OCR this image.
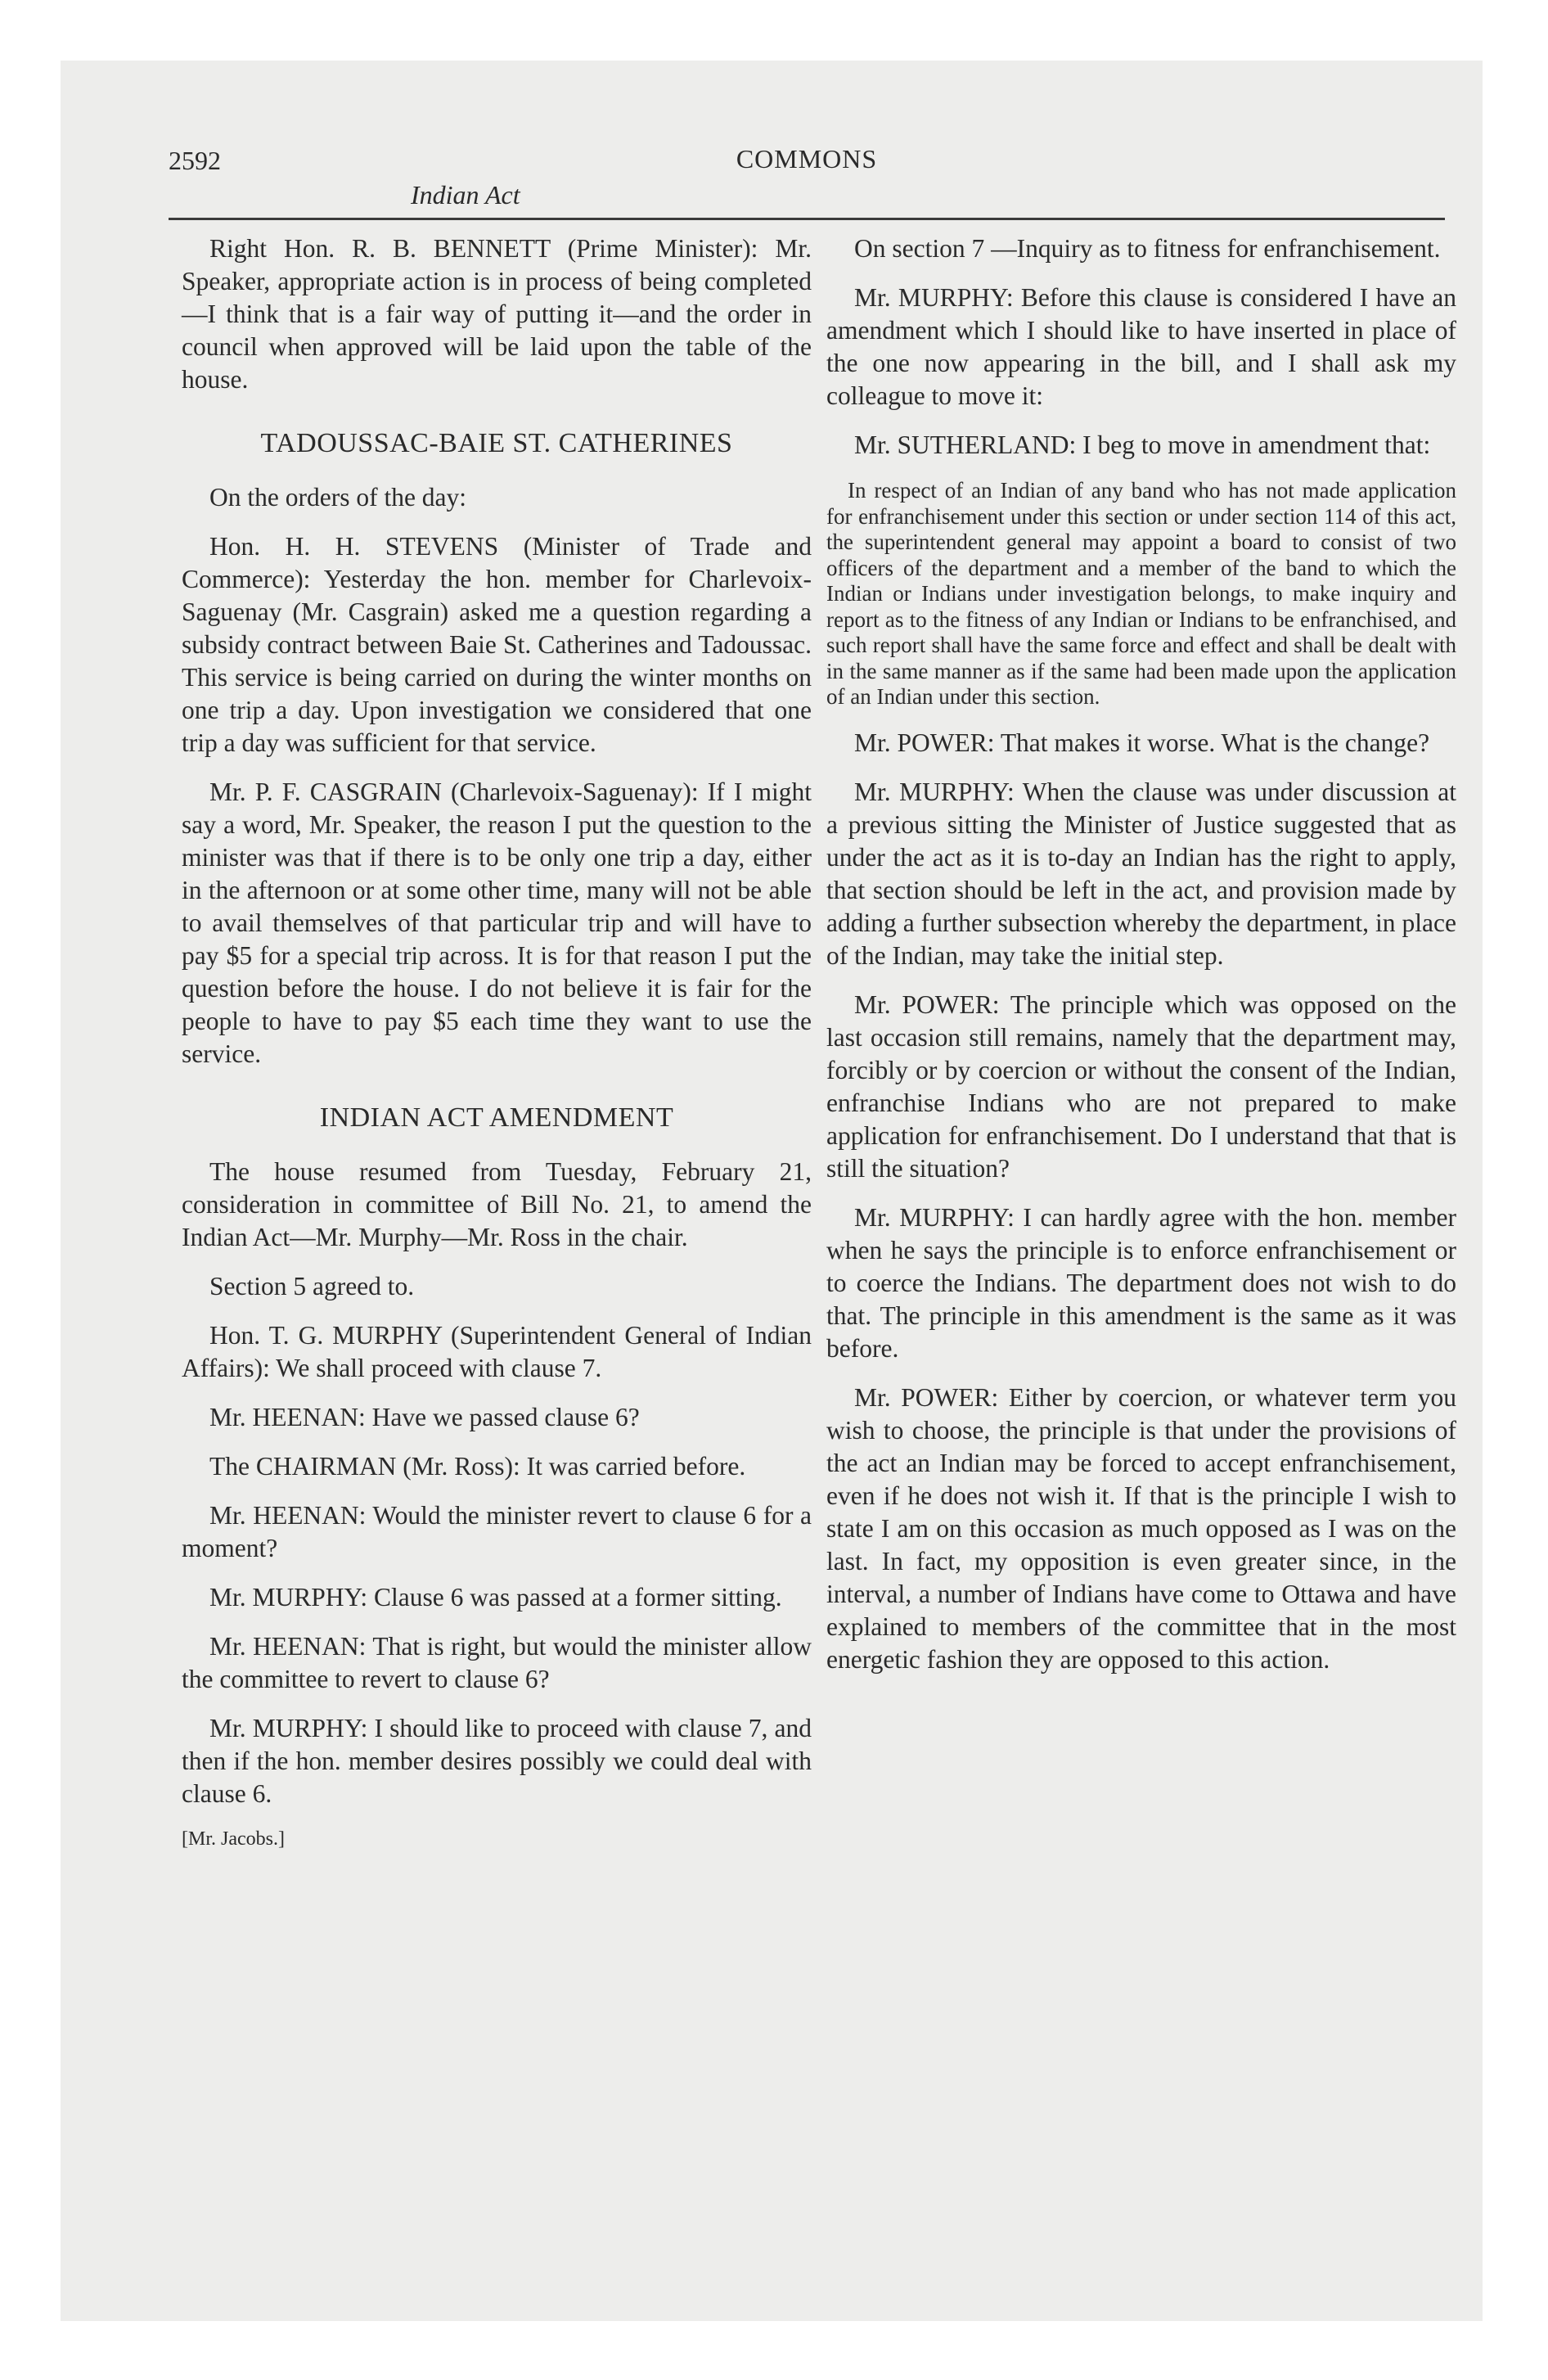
2592	COMMONS
Indian Act

Right Hon. R. B. BENNETT (Prime Minister): Mr. Speaker, appropriate action is in process of being completed—I think that is a fair way of putting it—and the order in council when approved will be laid upon the table of the house.

TADOUSSAC-BAIE ST. CATHERINES

On the orders of the day:

Hon. H. H. STEVENS (Minister of Trade and Commerce): Yesterday the hon. member for Charlevoix-Saguenay (Mr. Casgrain) asked me a question regarding a subsidy contract between Baie St. Catherines and Tadoussac. This service is being carried on during the winter months on one trip a day. Upon investigation we considered that one trip a day was sufficient for that service.

Mr. P. F. CASGRAIN (Charlevoix-Saguenay): If I might say a word, Mr. Speaker, the reason I put the question to the minister was that if there is to be only one trip a day, either in the afternoon or at some other time, many will not be able to avail themselves of that particular trip and will have to pay $5 for a special trip across. It is for that reason I put the question before the house. I do not believe it is fair for the people to have to pay $5 each time they want to use the service.

INDIAN ACT AMENDMENT

The house resumed from Tuesday, February 21, consideration in committee of Bill No. 21, to amend the Indian Act—Mr. Murphy—Mr. Ross in the chair.

Section 5 agreed to.

Hon. T. G. MURPHY (Superintendent General of Indian Affairs): We shall proceed with clause 7.

Mr. HEENAN: Have we passed clause 6?

The CHAIRMAN (Mr. Ross): It was carried before.

Mr. HEENAN: Would the minister revert to clause 6 for a moment?

Mr. MURPHY: Clause 6 was passed at a former sitting.

Mr. HEENAN: That is right, but would the minister allow the committee to revert to clause 6?

Mr. MURPHY: I should like to proceed with clause 7, and then if the hon. member desires possibly we could deal with clause 6.

[Mr. Jacobs.]

On section 7 —Inquiry as to fitness for enfranchisement.

Mr. MURPHY: Before this clause is considered I have an amendment which I should like to have inserted in place of the one now appearing in the bill, and I shall ask my colleague to move it:

Mr. SUTHERLAND: I beg to move in amendment that:

In respect of an Indian of any band who has not made application for enfranchisement under this section or under section 114 of this act, the superintendent general may appoint a board to consist of two officers of the department and a member of the band to which the Indian or Indians under investigation belongs, to make inquiry and report as to the fitness of any Indian or Indians to be enfranchised, and such report shall have the same force and effect and shall be dealt with in the same manner as if the same had been made upon the application of an Indian under this section.

Mr. POWER: That makes it worse. What is the change?

Mr. MURPHY: When the clause was under discussion at a previous sitting the Minister of Justice suggested that as under the act as it is to-day an Indian has the right to apply, that section should be left in the act, and provision made by adding a further subsection whereby the department, in place of the Indian, may take the initial step.

Mr. POWER: The principle which was opposed on the last occasion still remains, namely that the department may, forcibly or by coercion or without the consent of the Indian, enfranchise Indians who are not prepared to make application for enfranchisement. Do I understand that that is still the situation?

Mr. MURPHY: I can hardly agree with the hon. member when he says the principle is to enforce enfranchisement or to coerce the Indians. The department does not wish to do that. The principle in this amendment is the same as it was before.

Mr. POWER: Either by coercion, or whatever term you wish to choose, the principle is that under the provisions of the act an Indian may be forced to accept enfranchisement, even if he does not wish it. If that is the principle I wish to state I am on this occasion as much opposed as I was on the last. In fact, my opposition is even greater since, in the interval, a number of Indians have come to Ottawa and have explained to members of the committee that in the most energetic fashion they are opposed to this action.
